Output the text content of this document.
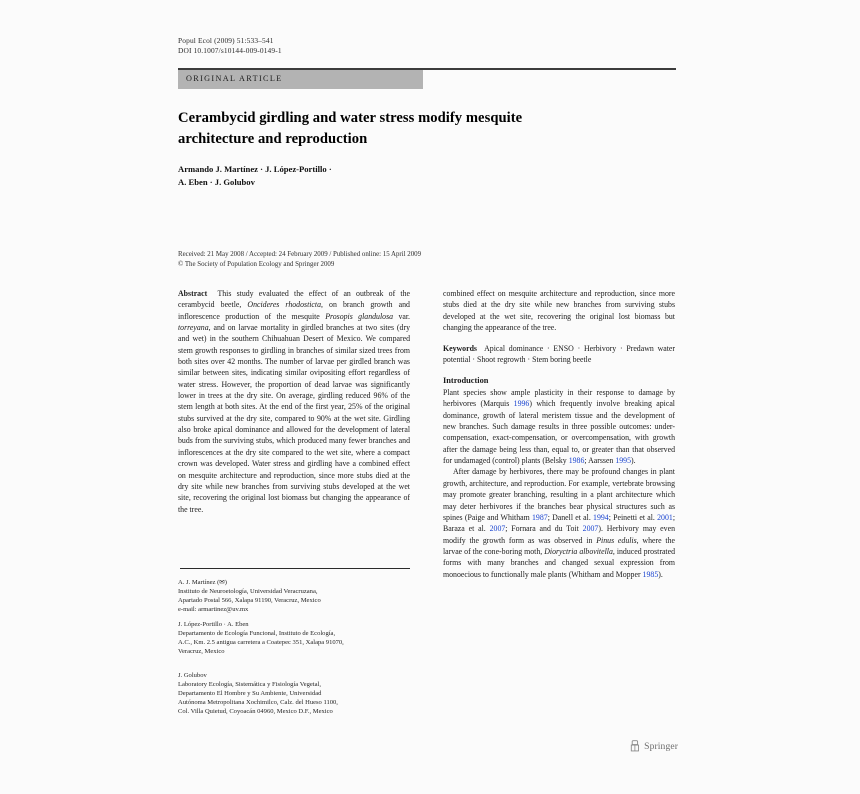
Popul Ecol (2009) 51:533–541
DOI 10.1007/s10144-009-0149-1
ORIGINAL ARTICLE
Cerambycid girdling and water stress modify mesquite architecture and reproduction
Armando J. Martínez · J. López-Portillo ·
A. Eben · J. Golubov
Received: 21 May 2008 / Accepted: 24 February 2009 / Published online: 15 April 2009
© The Society of Population Ecology and Springer 2009

Abstract This study evaluated the effect of an outbreak of the cerambycid beetle, Oncideres rhodosticta, on branch growth and inflorescence production of the mesquite Prosopis glandulosa var. torreyana, and on larvae mortality in girdled branches at two sites (dry and wet) in the southern Chihuahuan Desert of Mexico. We compared stem growth responses to girdling in branches of similar sized trees from both sites over 42 months. The number of larvae per girdled branch was similar between sites, indicating similar ovipositing effort regardless of water stress. However, the proportion of dead larvae was significantly lower in trees at the dry site. On average, girdling reduced 96% of the stem length at both sites. At the end of the first year, 25% of the original stubs survived at the dry site, compared to 90% at the wet site. Girdling also broke apical dominance and allowed for the development of lateral buds from the surviving stubs, which produced many fewer branches and inflorescences at the dry site compared to the wet site, where a compact crown was developed. Water stress and girdling have a combined effect on mesquite architecture and reproduction, since more stubs died at the dry site while new branches from surviving stubs developed at the wet site, recovering the original lost biomass but changing the appearance of the tree.

A. J. Martínez (✉)
Instituto de Neuroetología, Universidad Veracruzana,
Apartado Postal 566, Xalapa 91190, Veracruz, Mexico
e-mail: armartinez@uv.mx
J. López-Portillo · A. Eben
Departamento de Ecología Funcional, Instituto de Ecología,
A.C., Km. 2.5 antigua carretera a Coatepec 351, Xalapa 91070,
Veracruz, Mexico
J. Golubov
Laboratory Ecología, Sistemática y Fisiología Vegetal,
Departamento El Hombre y Su Ambiente, Universidad
Autónoma Metropolitana Xochimilco, Calz. del Hueso 1100,
Col. Villa Quietud, Coyoacán 04960, Mexico D.F., Mexico

combined effect on mesquite architecture and reproduction, since more stubs died at the dry site while new branches from surviving stubs developed at the wet site, recovering the original lost biomass but changing the appearance of the tree.

Keywords Apical dominance · ENSO · Herbivory · Predawn water potential · Shoot regrowth · Stem boring beetle

Introduction

Plant species show ample plasticity in their response to damage by herbivores (Marquis 1996) which frequently involve breaking apical dominance, growth of lateral meristem tissue and the development of new branches. Such damage results in three possible outcomes: under-compensation, exact-compensation, or overcompensation, with growth after the damage being less than, equal to, or greater than that observed for undamaged (control) plants (Belsky 1986; Aarssen 1995).

After damage by herbivores, there may be profound changes in plant growth, architecture, and reproduction. For example, vertebrate browsing may promote greater branching, resulting in a plant architecture which may deter herbivores if the branches bear physical structures such as spines (Paige and Whitham 1987; Danell et al. 1994; Peinetti et al. 2001; Baraza et al. 2007; Fornara and du Toit 2007). Herbivory may even modify the growth form as was observed in Pinus edulis, where the larvae of the cone-boring moth, Dioryctria albovitella, induced prostrated forms with many branches and changed sexual expression from monoecious to functionally male plants (Whitham and Mopper 1985).

Springer
